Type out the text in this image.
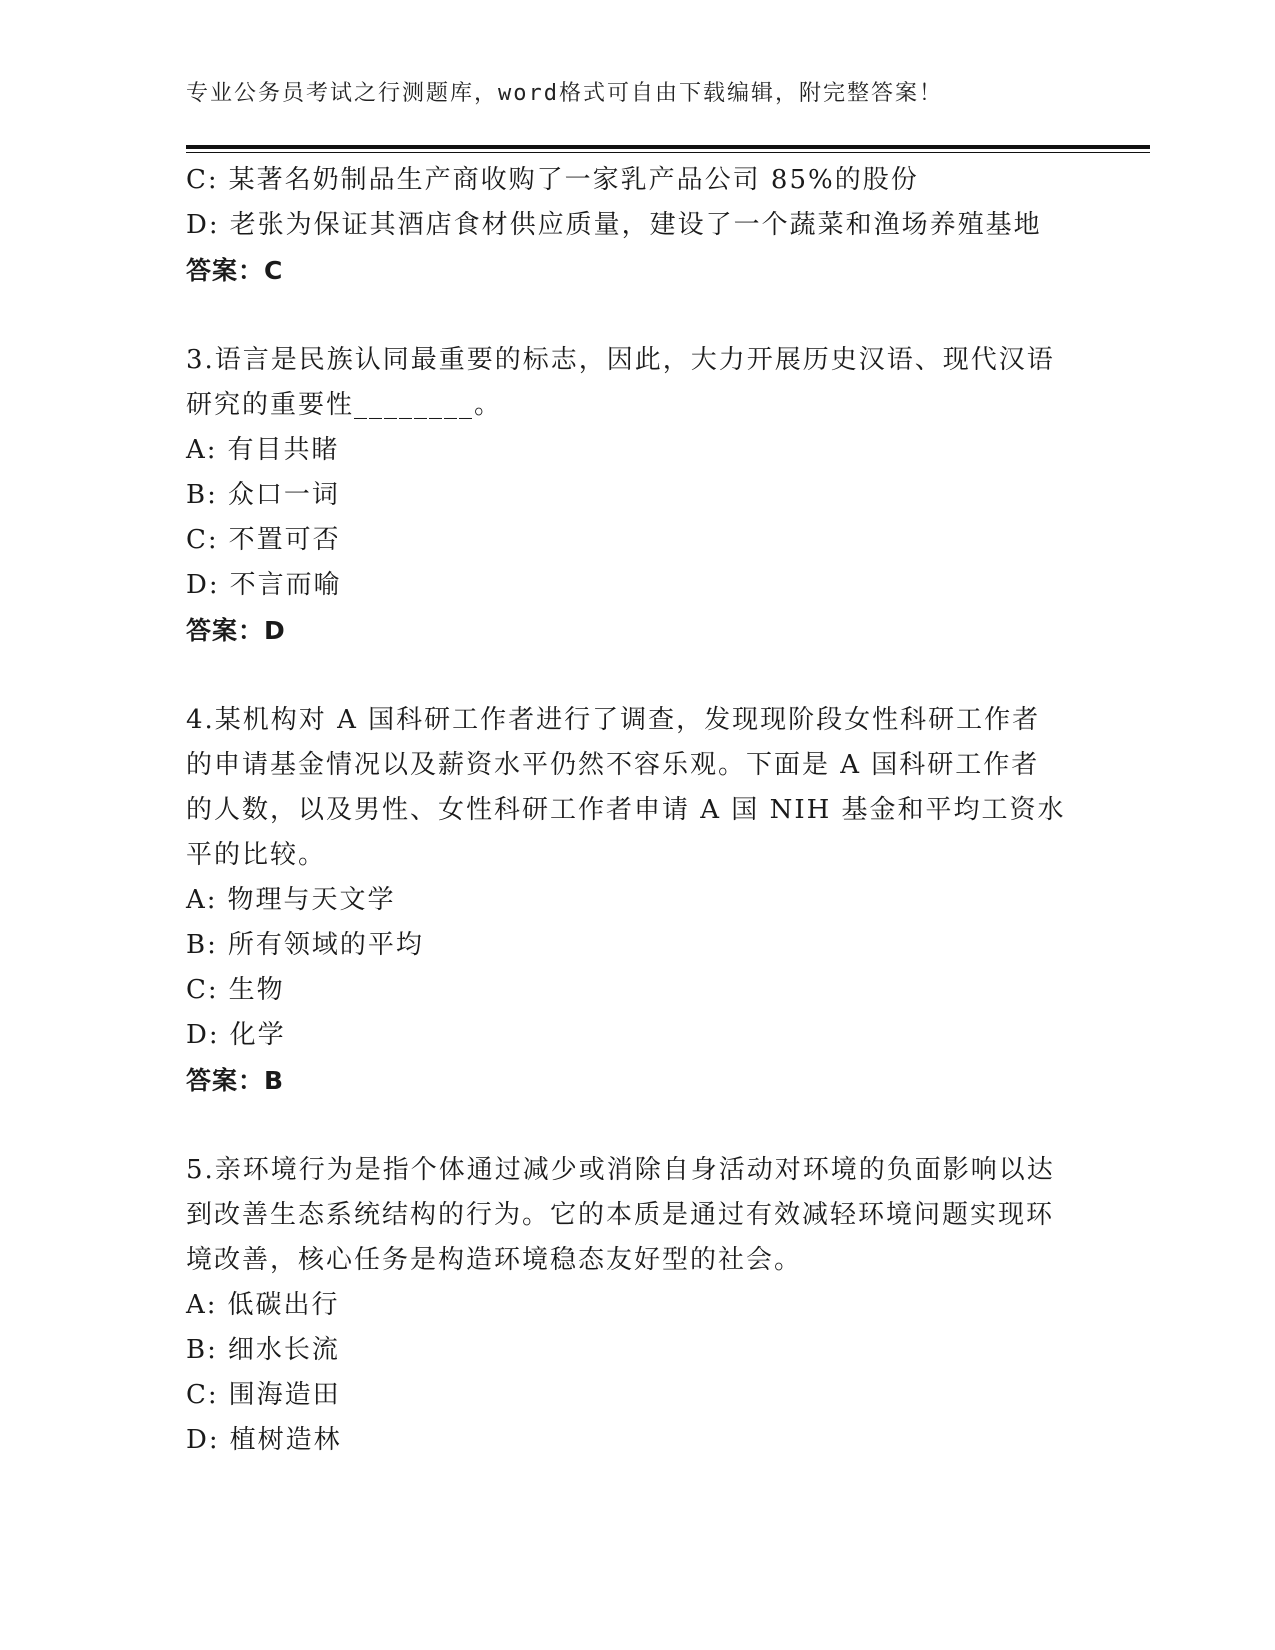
专业公务员考试之行测题库，word格式可自由下载编辑，附完整答案！
C: 某著名奶制品生产商收购了一家乳产品公司 85%的股份
D: 老张为保证其酒店食材供应质量，建设了一个蔬菜和渔场养殖基地
答案：C
3.语言是民族认同最重要的标志，因此，大力开展历史汉语、现代汉语研究的重要性________。
A: 有目共睹
B: 众口一词
C: 不置可否
D: 不言而喻
答案：D
4.某机构对 A 国科研工作者进行了调查，发现现阶段女性科研工作者的申请基金情况以及薪资水平仍然不容乐观。下面是 A 国科研工作者的人数，以及男性、女性科研工作者申请 A 国 NIH 基金和平均工资水平的比较。
A: 物理与天文学
B: 所有领域的平均
C: 生物
D: 化学
答案：B
5.亲环境行为是指个体通过减少或消除自身活动对环境的负面影响以达到改善生态系统结构的行为。它的本质是通过有效减轻环境问题实现环境改善，核心任务是构造环境稳态友好型的社会。
A: 低碳出行
B: 细水长流
C: 围海造田
D: 植树造林
